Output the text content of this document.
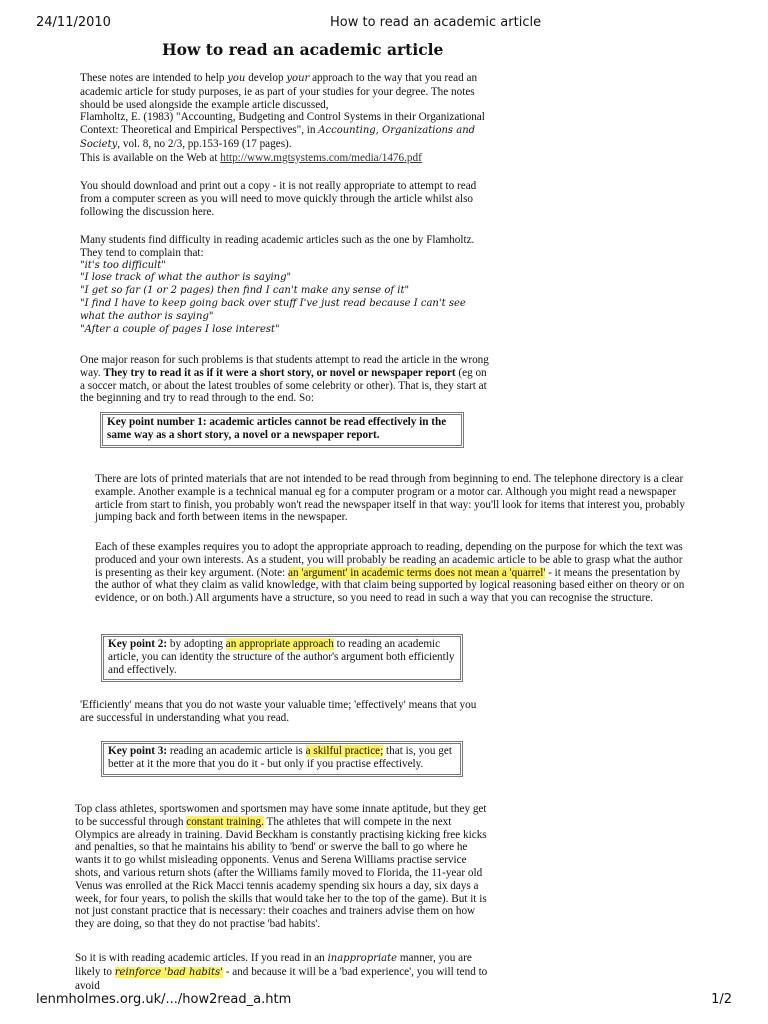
24/11/2010	How to read an academic article
How to read an academic article

These notes are intended to help you develop your approach to the way that you read an academic article for study purposes, ie as part of your studies for your degree. The notes should be used alongside the example article discussed,

Flamholtz, E. (1983) "Accounting, Budgeting and Control Systems in their Organizational Context: Theoretical and Empirical Perspectives", in Accounting, Organizations and Society, vol. 8, no 2/3, pp.153-169 (17 pages).

This is available on the Web at http://www.mgtsystems.com/media/1476.pdf

You should download and print out a copy - it is not really appropriate to attempt to read from a computer screen as you will need to move quickly through the article whilst also following the discussion here.

Many students find difficulty in reading academic articles such as the one by Flamholtz. They tend to complain that:

"it's too difficult"

"I lose track of what the author is saying"

"I get so far (1 or 2 pages) then find I can't make any sense of it"

"I find I have to keep going back over stuff I've just read because I can't see what the author is saying"

"After a couple of pages I lose interest"

One major reason for such problems is that students attempt to read the article in the wrong way. They try to read it as if it were a short story, or novel or newspaper report (eg on a soccer match, or about the latest troubles of some celebrity or other). That is, they start at the beginning and try to read through to the end. So:

Key point number 1: academic articles cannot be read effectively in the same way as a short story, a novel or a newspaper report.

There are lots of printed materials that are not intended to be read through from beginning to end. The telephone directory is a clear example. Another example is a technical manual eg for a computer program or a motor car. Although you might read a newspaper article from start to finish, you probably won't read the newspaper itself in that way: you'll look for items that interest you, probably jumping back and forth between items in the newspaper.

Each of these examples requires you to adopt the appropriate approach to reading, depending on the purpose for which the text was produced and your own interests. As a student, you will probably be reading an academic article to be able to grasp what the author is presenting as their key argument. (Note: an 'argument' in academic terms does not mean a 'quarrel' - it means the presentation by the author of what they claim as valid knowledge, with that claim being supported by logical reasoning based either on theory or on evidence, or on both.) All arguments have a structure, so you need to read in such a way that you can recognise the structure.

Key point 2: by adopting an appropriate approach to reading an academic article, you can identity the structure of the author's argument both efficiently and effectively.

'Efficiently' means that you do not waste your valuable time; 'effectively' means that you are successful in understanding what you read.

Key point 3: reading an academic article is a skilful practice; that is, you get better at it the more that you do it - but only if you practise effectively.

Top class athletes, sportswomen and sportsmen may have some innate aptitude, but they get to be successful through constant training. The athletes that will compete in the next Olympics are already in training. David Beckham is constantly practising kicking free kicks and penalties, so that he maintains his ability to 'bend' or swerve the ball to go where he wants it to go whilst misleading opponents. Venus and Serena Williams practise service shots, and various return shots (after the Williams family moved to Florida, the 11-year old Venus was enrolled at the Rick Macci tennis academy spending six hours a day, six days a week, for four years, to polish the skills that would take her to the top of the game). But it is not just constant practice that is necessary: their coaches and trainers advise them on how they are doing, so that they do not practise 'bad habits'.

So it is with reading academic articles. If you read in an inappropriate manner, you are likely to reinforce 'bad habits' - and because it will be a 'bad experience', you will tend to avoid

lenmholmes.org.uk/.../how2read_a.htm	1/2
